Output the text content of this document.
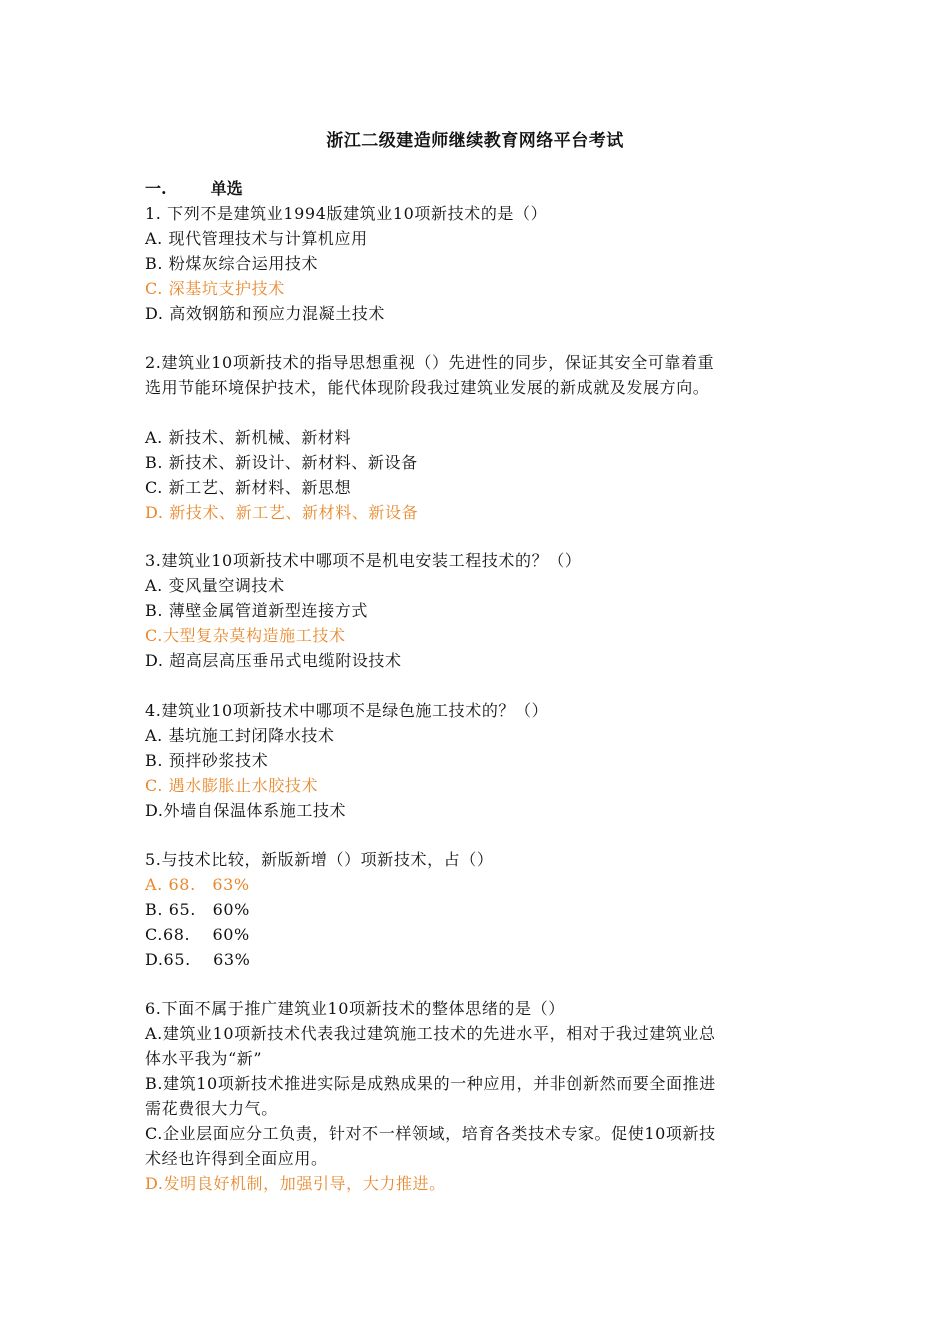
浙江二级建造师继续教育网络平台考试
一.	单选
1. 下列不是建筑业1994版建筑业10项新技术的是（）
A. 现代管理技术与计算机应用
B. 粉煤灰综合运用技术
C. 深基坑支护技术
D. 高效钢筋和预应力混凝土技术
2.建筑业10项新技术的指导思想重视（）先进性的同步，保证其安全可靠着重
选用节能环境保护技术，能代体现阶段我过建筑业发展的新成就及发展方向。
A. 新技术、新机械、新材料
B. 新技术、新设计、新材料、新设备
C. 新工艺、新材料、新思想
D. 新技术、新工艺、新材料、新设备
3.建筑业10项新技术中哪项不是机电安装工程技术的？（）
A. 变风量空调技术
B. 薄壁金属管道新型连接方式
C.大型复杂莫构造施工技术
D. 超高层高压垂吊式电缆附设技术
4.建筑业10项新技术中哪项不是绿色施工技术的？（）
A. 基坑施工封闭降水技术
B. 预拌砂浆技术
C. 遇水膨胀止水胶技术
D.外墙自保温体系施工技术
5.与技术比较，新版新增（）项新技术，占（）
A. 68.　63%
B. 65.　60%
C.68.　 60%
D.65.　 63%
6.下面不属于推广建筑业10项新技术的整体思绪的是（）
A.建筑业10项新技术代表我过建筑施工技术的先进水平，相对于我过建筑业总
体水平我为“新”
B.建筑10项新技术推进实际是成熟成果的一种应用，并非创新然而要全面推进
需花费很大力气。
C.企业层面应分工负责，针对不一样领域，培育各类技术专家。促使10项新技
术经也许得到全面应用。
D.发明良好机制，加强引导，大力推进。
